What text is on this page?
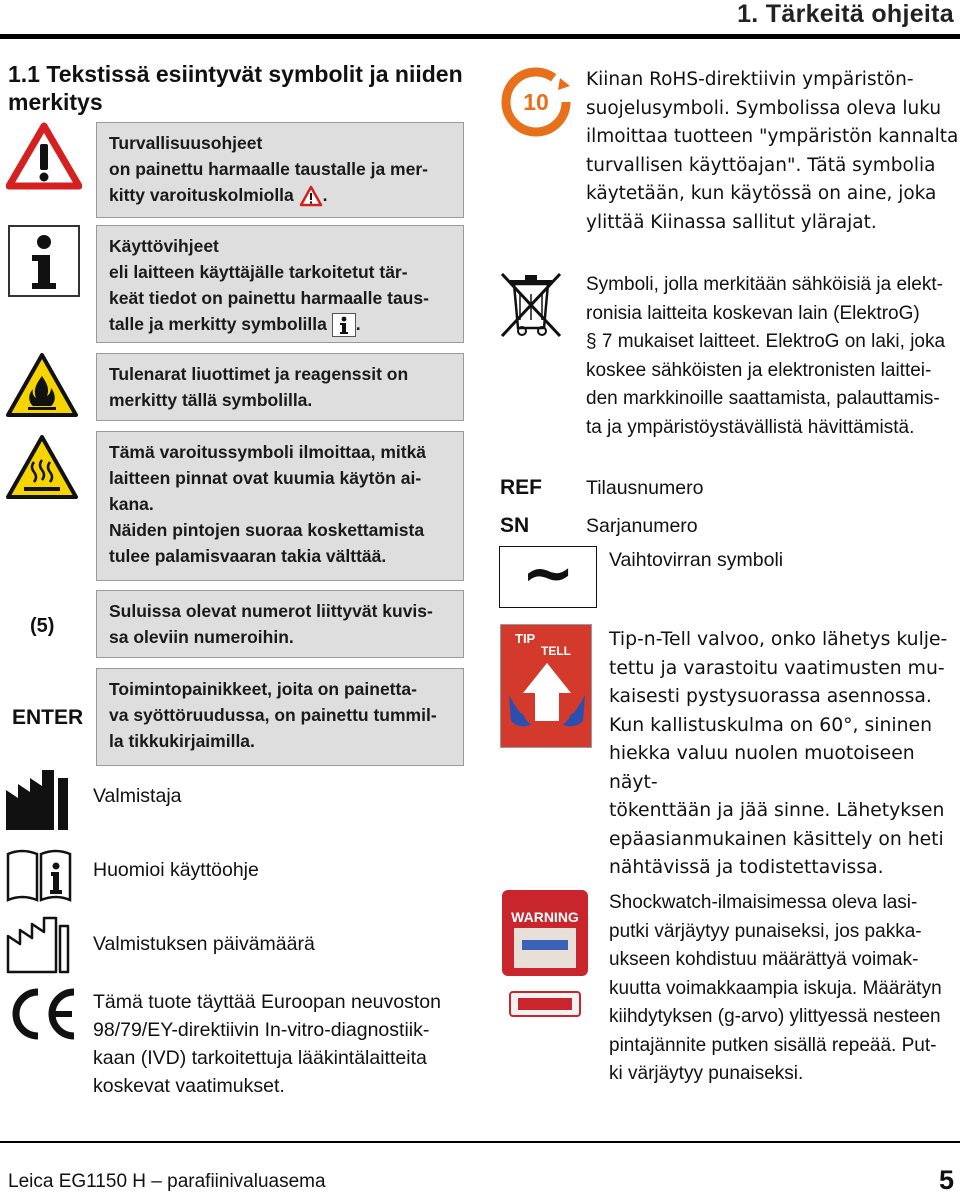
1. Tärkeitä ohjeita
1.1 Tekstissä esiintyvät symbolit ja niiden merkitys
(5)
ENTER
Turvallisuusohjeet
on painettu harmaalle taustalle ja mer-
kitty varoituskolmiolla .
Käyttövihjeet
eli laitteen käyttäjälle tarkoitetut tär-
keät tiedot on painettu harmaalle taus-
talle ja merkitty symbolilla .
Tulenarat liuottimet ja reagenssit on
merkitty tällä symbolilla.
Tämä varoitussymboli ilmoittaa, mitkä
laitteen pinnat ovat kuumia käytön ai-
kana.
Näiden pintojen suoraa koskettamista
tulee palamisvaaran takia välttää.
Suluissa olevat numerot liittyvät kuvis-
sa oleviin numeroihin.
Toimintopainikkeet, joita on painetta-
va syöttöruudussa, on painettu tummil-
la tikkukirjaimilla.
Valmistaja
Huomioi käyttöohje
Valmistuksen päivämäärä
Tämä tuote täyttää Euroopan neuvoston
98/79/EY-direktiivin In-vitro-diagnostiik-
kaan (IVD) tarkoitettuja lääkintälaitteita
koskevat vaatimukset.
10
Kiinan RoHS-direktiivin ympäristön-
suojelusymboli. Symbolissa oleva luku
ilmoittaa tuotteen "ympäristön kannalta
turvallisen käyttöajan". Tätä symbolia
käytetään, kun käytössä on aine, joka
ylittää Kiinassa sallitut ylärajat.
Symboli, jolla merkitään sähköisiä ja elekt-
ronisia laitteita koskevan lain (ElektroG)
§ 7 mukaiset laitteet. ElektroG on laki, joka
koskee sähköisten ja elektronisten laittei-
den markkinoille saattamista, palauttamis-
ta ja ympäristöystävällistä hävittämistä.
REF Tilausnumero
SN	Sarjanumero
~ Vaihtovirran symboli
TIP
TELL
Tip-n-Tell valvoo, onko lähetys kulje-
tettu ja varastoitu vaatimusten mu-
kaisesti pystysuorassa asennossa.
Kun kallistuskulma on 60°, sininen
hiekka valuu nuolen muotoiseen näyt-
tökenttään ja jää sinne. Lähetyksen
epäasianmukainen käsittely on heti
nähtävissä ja todistettavissa.
WARNING
Shockwatch-ilmaisimessa oleva lasi-
putki värjäytyy punaiseksi, jos pakka-
ukseen kohdistuu määrättyä voimak-
kuutta voimakkaampia iskuja. Määrätyn
kiihdytyksen (g-arvo) ylittyessä nesteen
pintajännite putken sisällä repeää. Put-
ki värjäytyy punaiseksi.
Leica EG1150 H – parafiinivaluasema	5
